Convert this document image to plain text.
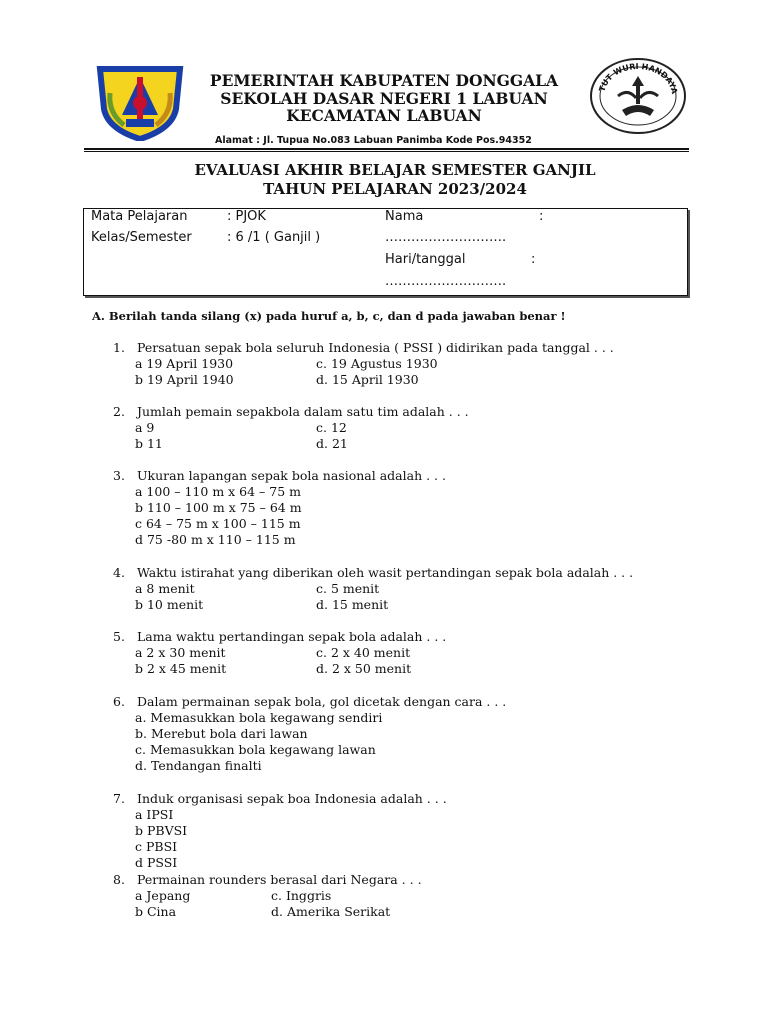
TUT WURI HANDAYA
PEMERINTAH KABUPATEN DONGGALA
SEKOLAH DASAR NEGERI 1 LABUAN
KECAMATAN LABUAN
Alamat : Jl. Tupua No.083 Labuan Panimba Kode Pos.94352
EVALUASI AKHIR BELAJAR SEMESTER GANJIL
TAHUN PELAJARAN 2023/2024
Mata Pelajaran	: PJOK
Kelas/Semester	: 6 /1 ( Ganjil )
Nama	:
……………………….
Hari/tanggal	:
……………………….
A. Berilah tanda silang (x) pada huruf a, b, c, dan d pada jawaban benar !
1. Persatuan sepak bola seluruh Indonesia ( PSSI ) didirikan pada tanggal . . .
a 19 April 1930	c. 19 Agustus 1930
b 19 April 1940	d. 15 April 1930
2. Jumlah pemain sepakbola dalam satu tim adalah . . .
a 9	c. 12
b 11	d. 21
3. Ukuran lapangan sepak bola nasional adalah . . .
a 100 – 110 m x 64 – 75 m
b 110 – 100 m x 75 – 64 m
c 64 – 75 m x 100 – 115 m
d 75 -80 m x 110 – 115 m
4. Waktu istirahat yang diberikan oleh wasit pertandingan sepak bola adalah . . .
a 8 menit	c. 5 menit
b 10 menit	d. 15 menit
5. Lama waktu pertandingan sepak bola adalah . . .
a 2 x 30 menit	c. 2 x 40 menit
b 2 x 45 menit	d. 2 x 50 menit
6. Dalam permainan sepak bola, gol dicetak dengan cara . . .
a. Memasukkan bola kegawang sendiri
b. Merebut bola dari lawan
c. Memasukkan bola kegawang lawan
d. Tendangan finalti
7. Induk organisasi sepak boa Indonesia adalah . . .
a IPSI
b PBVSI
c PBSI
d PSSI
8. Permainan rounders berasal dari Negara . . .
a Jepang	c. Inggris
b Cina	d. Amerika Serikat
